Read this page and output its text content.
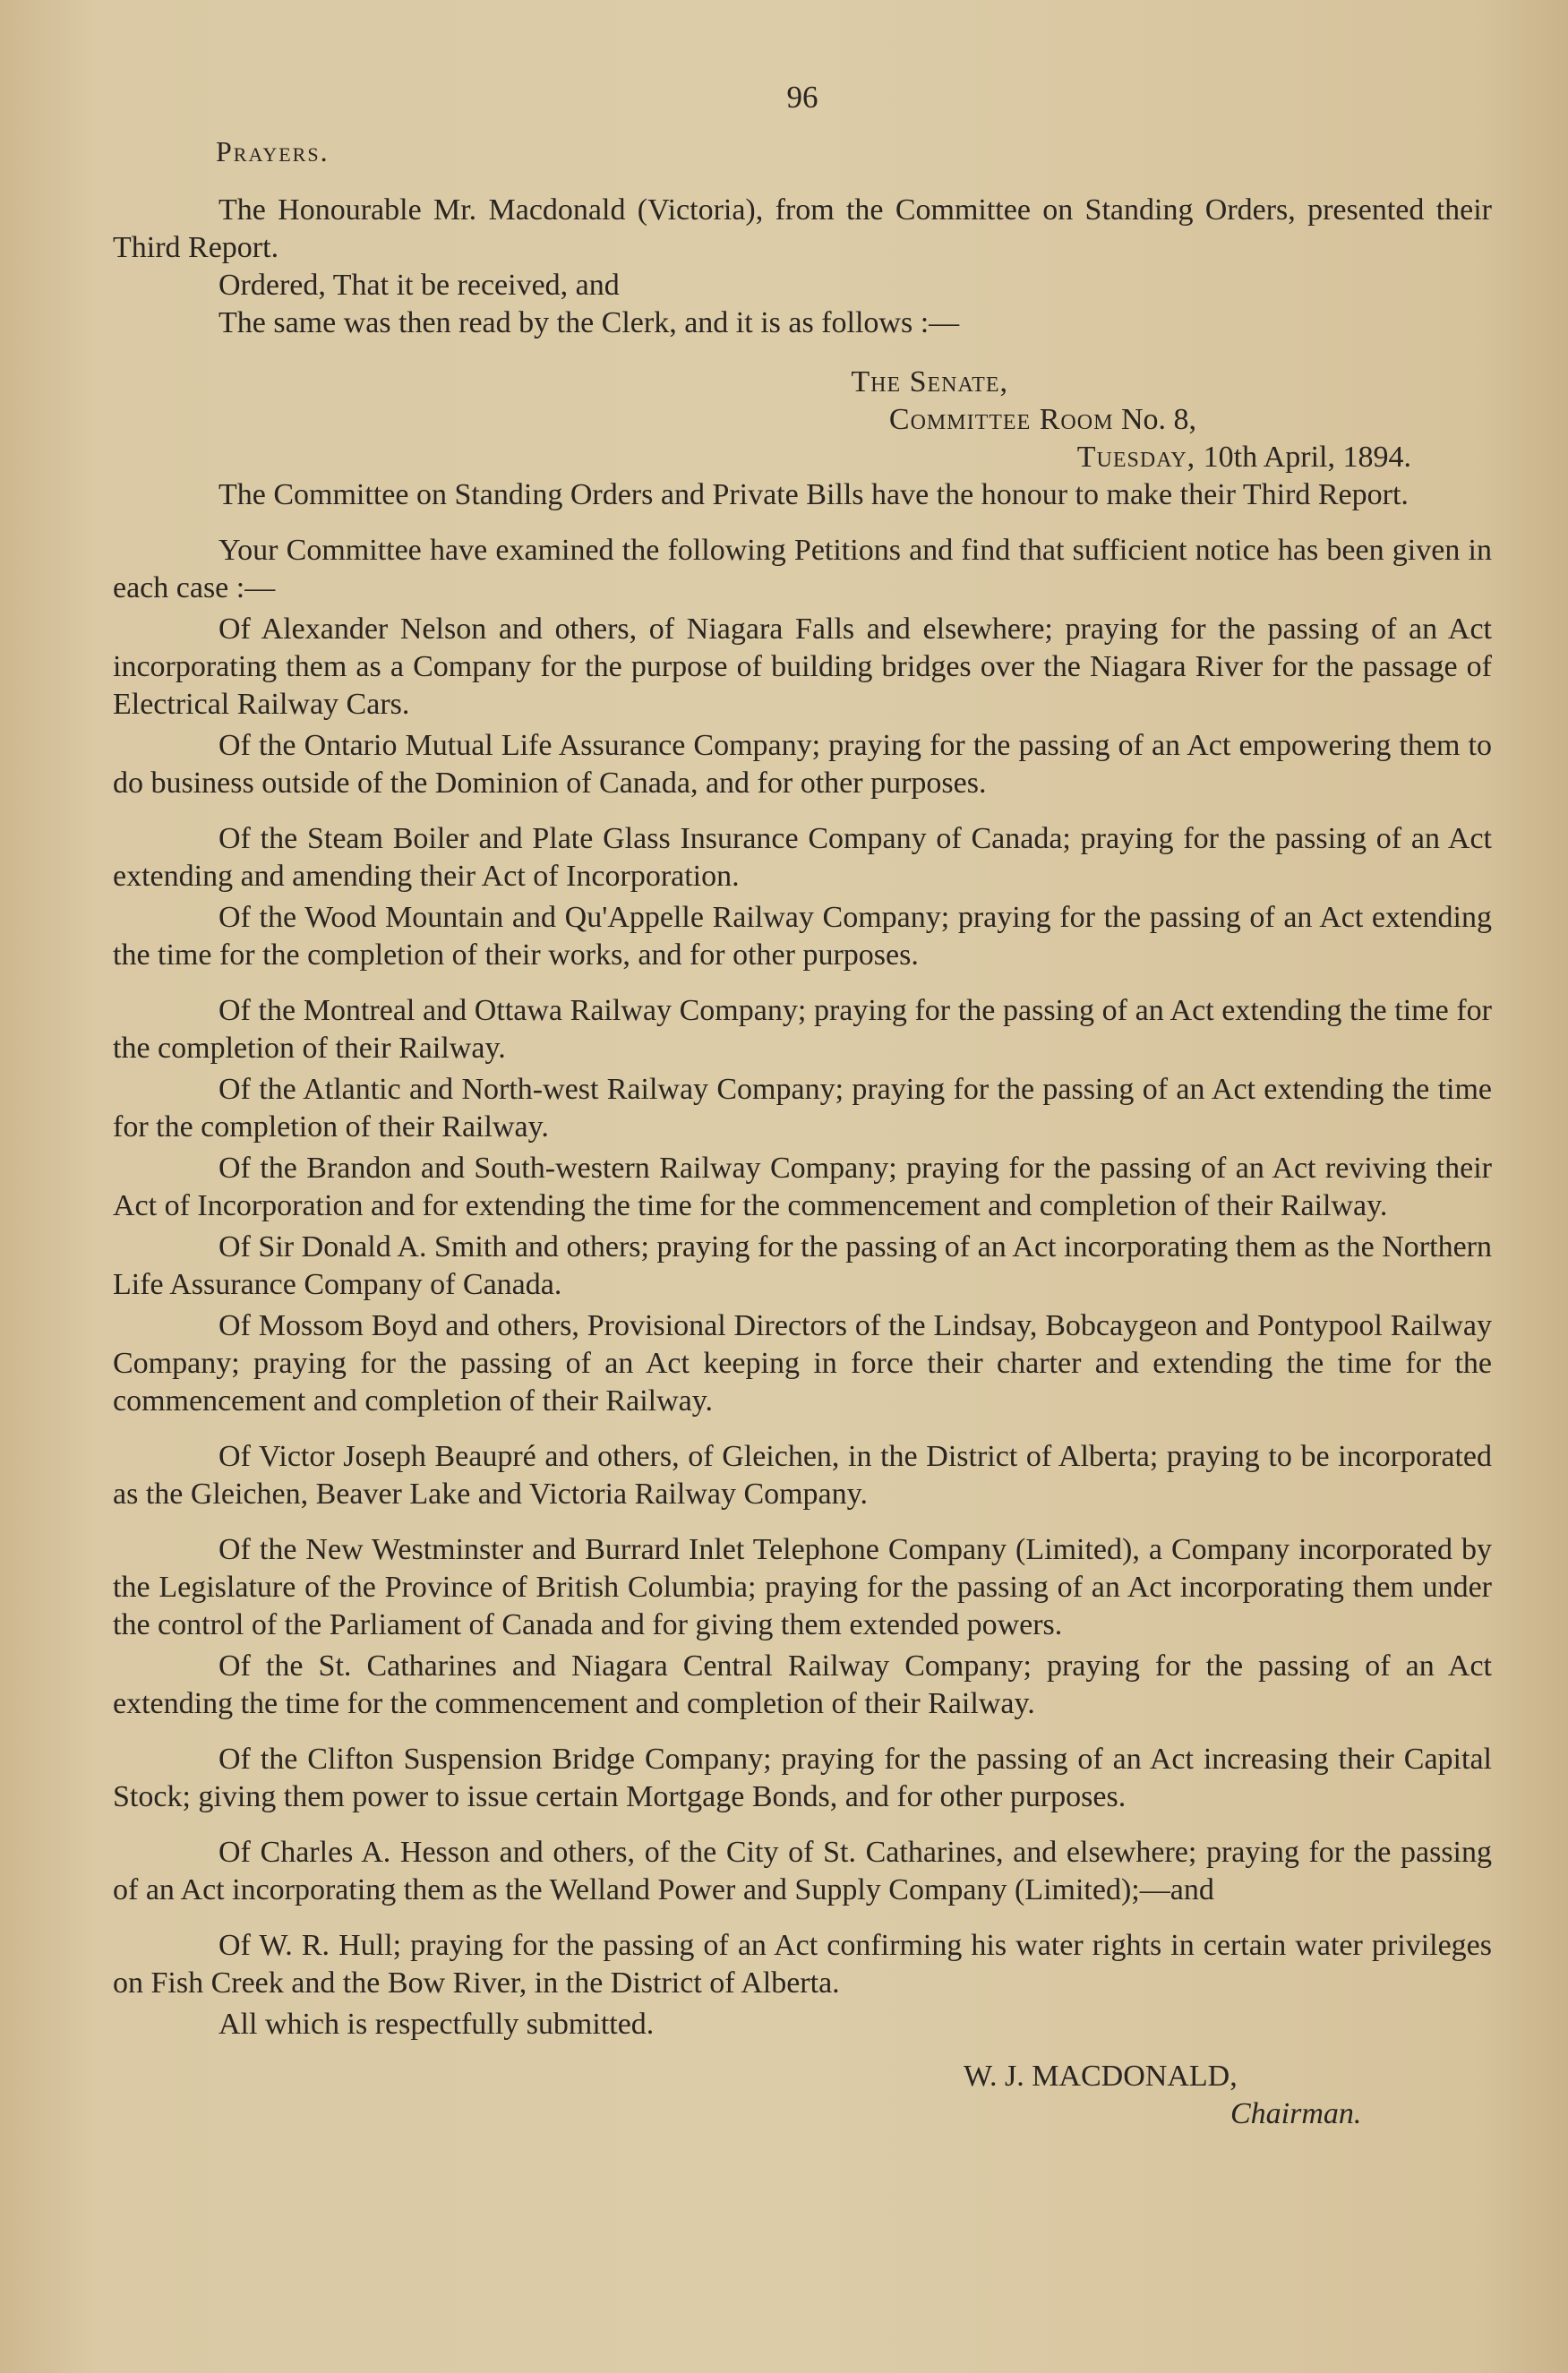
96
Prayers.

The Honourable Mr. Macdonald (Victoria), from the Committee on Standing Orders, presented their Third Report.

Ordered, That it be received, and

The same was then read by the Clerk, and it is as follows :—

The Senate,
Committee Room No. 8,
Tuesday, 10th April, 1894.

The Committee on Standing Orders and Private Bills have the honour to make their Third Report.

Your Committee have examined the following Petitions and find that sufficient notice has been given in each case :—

Of Alexander Nelson and others, of Niagara Falls and elsewhere; praying for the passing of an Act incorporating them as a Company for the purpose of building bridges over the Niagara River for the passage of Electrical Railway Cars.

Of the Ontario Mutual Life Assurance Company; praying for the passing of an Act empowering them to do business outside of the Dominion of Canada, and for other purposes.

Of the Steam Boiler and Plate Glass Insurance Company of Canada; praying for the passing of an Act extending and amending their Act of Incorporation.

Of the Wood Mountain and Qu'Appelle Railway Company; praying for the passing of an Act extending the time for the completion of their works, and for other purposes.

Of the Montreal and Ottawa Railway Company; praying for the passing of an Act extending the time for the completion of their Railway.

Of the Atlantic and North-west Railway Company; praying for the passing of an Act extending the time for the completion of their Railway.

Of the Brandon and South-western Railway Company; praying for the passing of an Act reviving their Act of Incorporation and for extending the time for the commencement and completion of their Railway.

Of Sir Donald A. Smith and others; praying for the passing of an Act incorporating them as the Northern Life Assurance Company of Canada.

Of Mossom Boyd and others, Provisional Directors of the Lindsay, Bobcaygeon and Pontypool Railway Company; praying for the passing of an Act keeping in force their charter and extending the time for the commencement and completion of their Railway.

Of Victor Joseph Beaupré and others, of Gleichen, in the District of Alberta; praying to be incorporated as the Gleichen, Beaver Lake and Victoria Railway Company.

Of the New Westminster and Burrard Inlet Telephone Company (Limited), a Company incorporated by the Legislature of the Province of British Columbia; praying for the passing of an Act incorporating them under the control of the Parliament of Canada and for giving them extended powers.

Of the St. Catharines and Niagara Central Railway Company; praying for the passing of an Act extending the time for the commencement and completion of their Railway.

Of the Clifton Suspension Bridge Company; praying for the passing of an Act increasing their Capital Stock; giving them power to issue certain Mortgage Bonds, and for other purposes.

Of Charles A. Hesson and others, of the City of St. Catharines, and elsewhere; praying for the passing of an Act incorporating them as the Welland Power and Supply Company (Limited);—and

Of W. R. Hull; praying for the passing of an Act confirming his water rights in certain water privileges on Fish Creek and the Bow River, in the District of Alberta.

All which is respectfully submitted.

W. J. MACDONALD,
Chairman.
